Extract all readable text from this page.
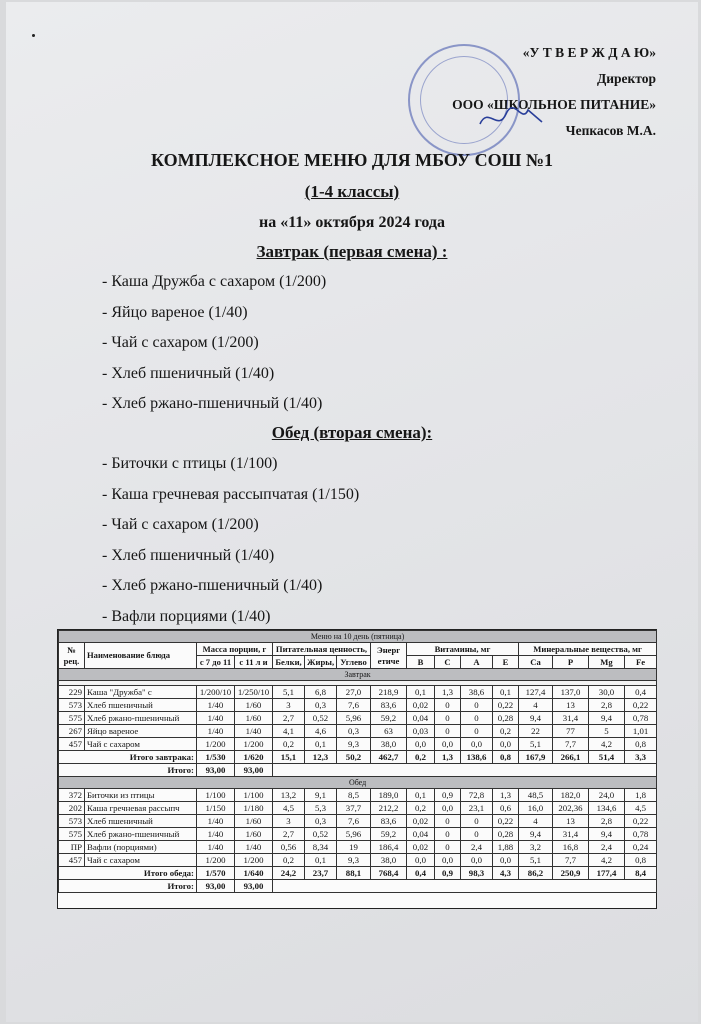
«У Т В Е Р Ж Д А Ю»
Директор
ООО «ШКОЛЬНОЕ ПИТАНИЕ»
Чепкасов М.А.
КОМПЛЕКСНОЕ МЕНЮ ДЛЯ МБОУ СОШ №1
(1-4 классы)
на «11» октября 2024 года
Завтрак (первая смена) :
- Каша Дружба с сахаром (1/200)
- Яйцо вареное (1/40)
- Чай с сахаром (1/200)
- Хлеб пшеничный (1/40)
- Хлеб ржано-пшеничный (1/40)
Обед (вторая смена):
- Биточки с птицы (1/100)
- Каша гречневая рассыпчатая (1/150)
- Чай с сахаром (1/200)
- Хлеб пшеничный (1/40)
- Хлеб ржано-пшеничный (1/40)
- Вафли порциями (1/40)
Меню на 10 день (пятница)															
№ рец.	Наименование блюда	Масса порции, г		Питательная ценность,			Энерг етиче	Витамины, мг				Минеральные вещества, мг			
		с 7 до 11	с 11 л и	Белки,	Жиры,	Углево		B	C	A	E	Ca	P	Mg	Fe
Завтрак															

229	Каша "Дружба" с	1/200/10	1/250/10	5,1	6,8	27,0	218,9	0,1	1,3	38,6	0,1	127,4	137,0	30,0	0,4
573	Хлеб пшеничный	1/40	1/60	3	0,3	7,6	83,6	0,02	0	0	0,22	4	13	2,8	0,22
575	Хлеб ржано-пшеничный	1/40	1/60	2,7	0,52	5,96	59,2	0,04	0	0	0,28	9,4	31,4	9,4	0,78
267	Яйцо вареное	1/40	1/40	4,1	4,6	0,3	63	0,03	0	0	0,2	22	77	5	1,01
457	Чай с сахаром	1/200	1/200	0,2	0,1	9,3	38,0	0,0	0,0	0,0	0,0	5,1	7,7	4,2	0,8
Итого завтрака:		1/530	1/620	15,1	12,3	50,2	462,7	0,2	1,3	138,6	0,8	167,9	266,1	51,4	3,3
Итого:		93,00	93,00												
Обед															
372	Биточки из птицы	1/100	1/100	13,2	9,1	8,5	189,0	0,1	0,9	72,8	1,3	48,5	182,0	24,0	1,8
202	Каша гречневая рассыпч	1/150	1/180	4,5	5,3	37,7	212,2	0,2	0,0	23,1	0,6	16,0	202,36	134,6	4,5
573	Хлеб пшеничный	1/40	1/60	3	0,3	7,6	83,6	0,02	0	0	0,22	4	13	2,8	0,22
575	Хлеб ржано-пшеничный	1/40	1/60	2,7	0,52	5,96	59,2	0,04	0	0	0,28	9,4	31,4	9,4	0,78
ПР	Вафли (порциями)	1/40	1/40	0,56	8,34	19	186,4	0,02	0	2,4	1,88	3,2	16,8	2,4	0,24
457	Чай с сахаром	1/200	1/200	0,2	0,1	9,3	38,0	0,0	0,0	0,0	0,0	5,1	7,7	4,2	0,8
Итого обеда:		1/570	1/640	24,2	23,7	88,1	768,4	0,4	0,9	98,3	4,3	86,2	250,9	177,4	8,4
Итого:		93,00	93,00												
